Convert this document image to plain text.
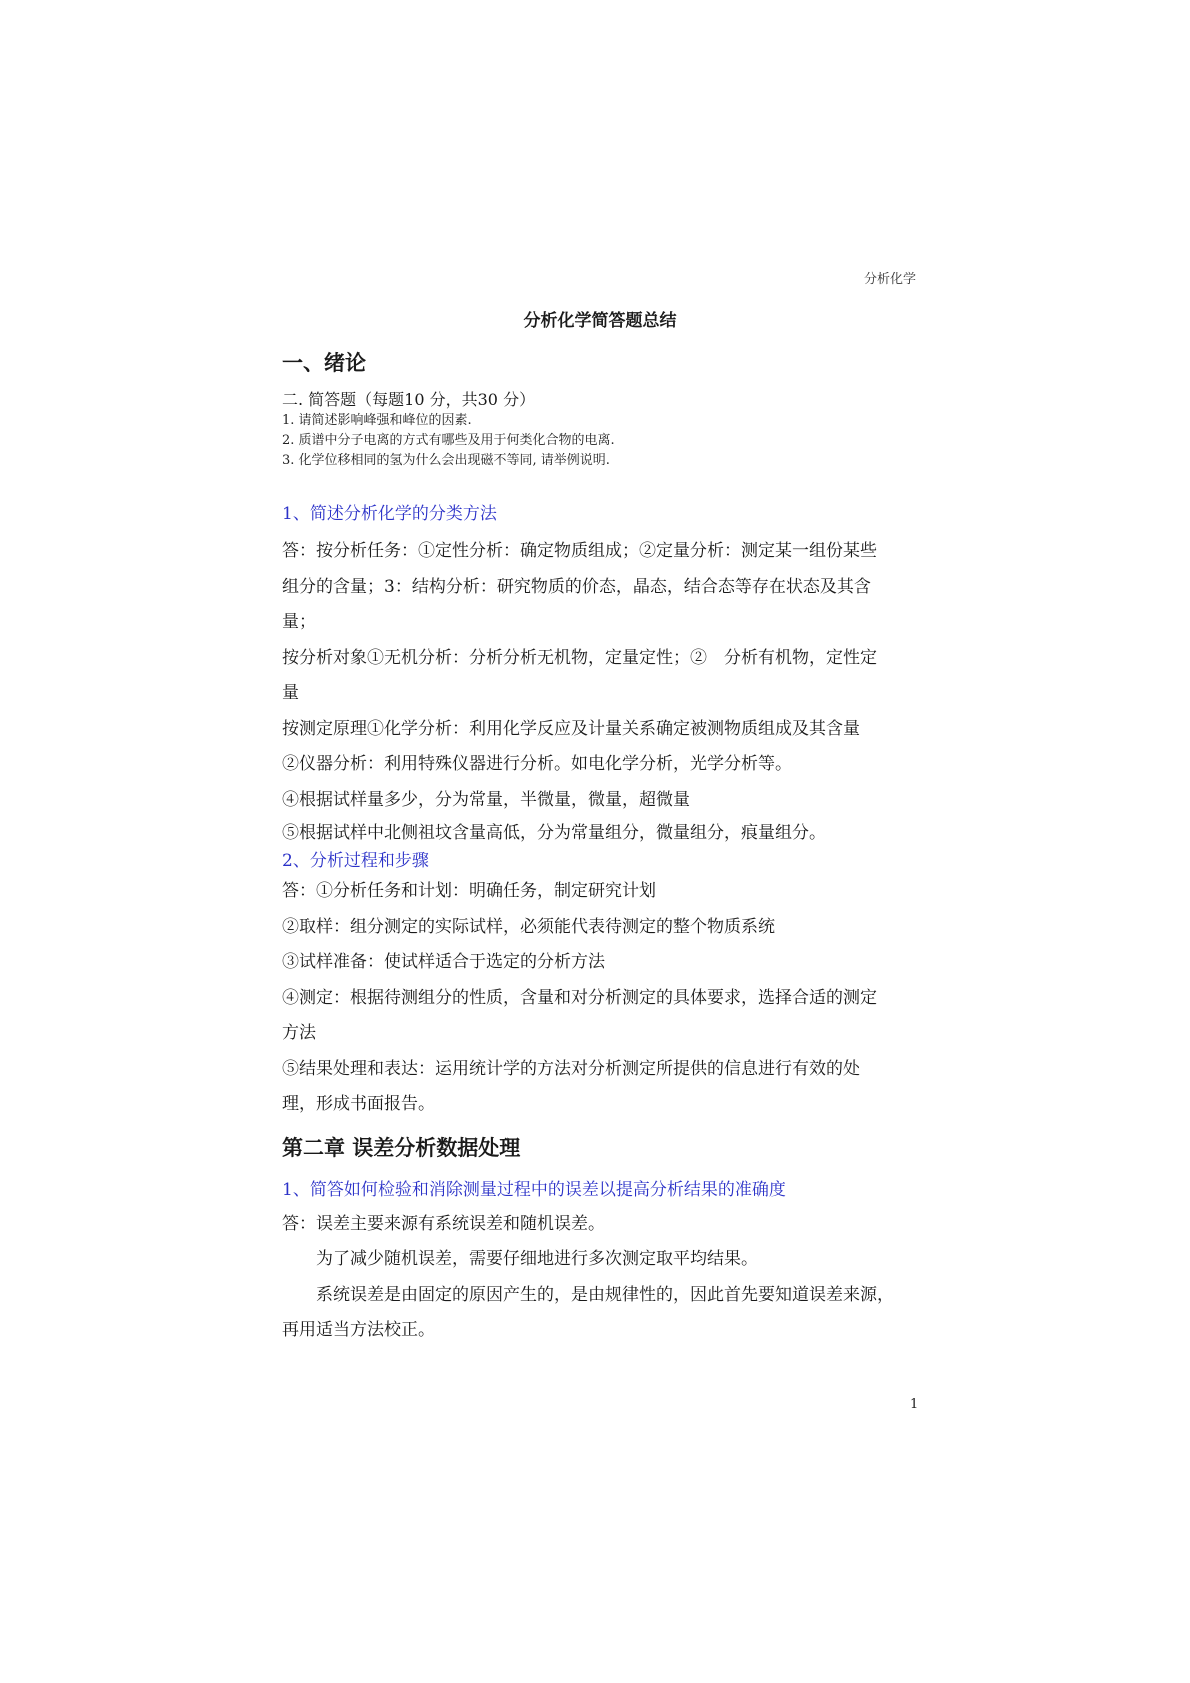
分析化学
分析化学简答题总结
一、绪论
二. 简答题（每题10 分，共30 分）
1. 请简述影响峰强和峰位的因素.
2. 质谱中分子电离的方式有哪些及用于何类化合物的电离.
3. 化学位移相同的氢为什么会出现磁不等同, 请举例说明.

1、简述分析化学的分类方法

答：按分析任务：①定性分析：确定物质组成；②定量分析：测定某一组份某些

组分的含量；3：结构分析：研究物质的价态，晶态，结合态等存在状态及其含

量；

按分析对象①无机分析：分析分析无机物，定量定性；②　分析有机物，定性定

量

按测定原理①化学分析：利用化学反应及计量关系确定被测物质组成及其含量

②仪器分析：利用特殊仪器进行分析。如电化学分析，光学分析等。

④根据试样量多少，分为常量，半微量，微量，超微量

⑤根据试样中北侧祖坟含量高低，分为常量组分，微量组分，痕量组分。

2、分析过程和步骤

答：①分析任务和计划：明确任务，制定研究计划

②取样：组分测定的实际试样，必须能代表待测定的整个物质系统

③试样准备：使试样适合于选定的分析方法

④测定：根据待测组分的性质，含量和对分析测定的具体要求，选择合适的测定

方法

⑤结果处理和表达：运用统计学的方法对分析测定所提供的信息进行有效的处

理，形成书面报告。

第二章 误差分析数据处理

1、简答如何检验和消除测量过程中的误差以提高分析结果的准确度

答：误差主要来源有系统误差和随机误差。

为了减少随机误差，需要仔细地进行多次测定取平均结果。

系统误差是由固定的原因产生的，是由规律性的，因此首先要知道误差来源，

再用适当方法校正。

1
